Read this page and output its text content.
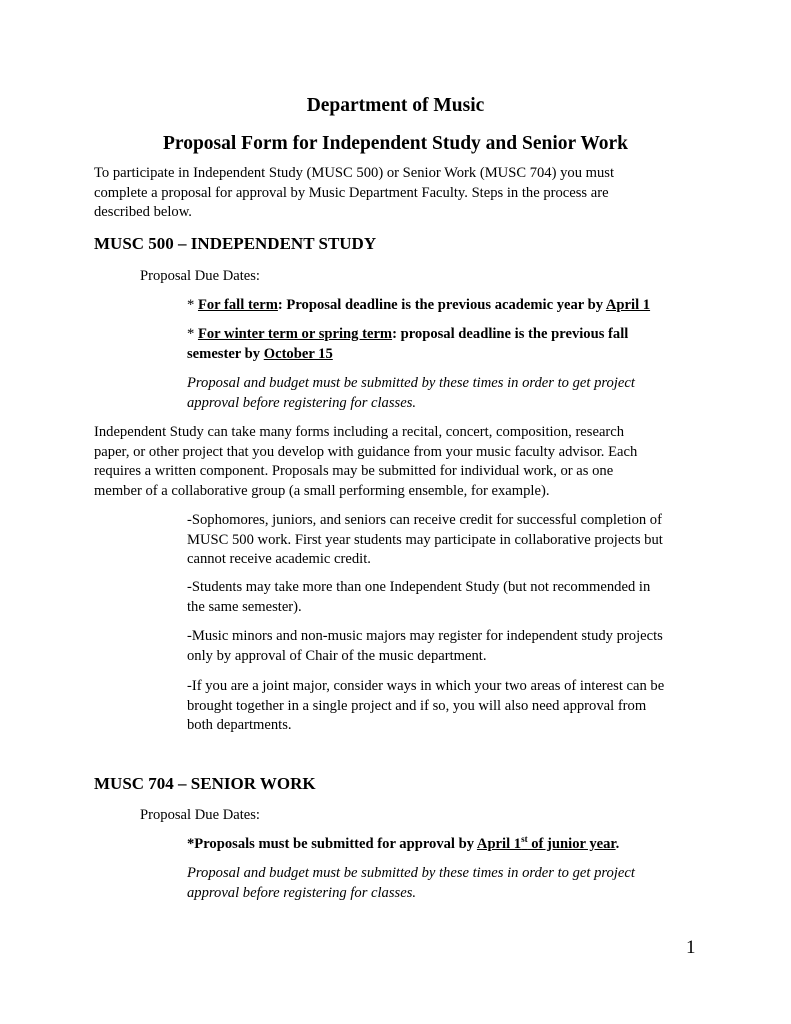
Department of Music
Proposal Form for Independent Study and Senior Work
To participate in Independent Study (MUSC 500) or Senior Work (MUSC 704) you must
complete a proposal for approval by Music Department Faculty. Steps in the process are
described below.
MUSC 500 – INDEPENDENT STUDY
Proposal Due Dates:
* For fall term: Proposal deadline is the previous academic year by April 1
* For winter term or spring term: proposal deadline is the previous fall
semester by October 15
Proposal and budget must be submitted by these times in order to get project
approval before registering for classes.
Independent Study can take many forms including a recital, concert, composition, research
paper, or other project that you develop with guidance from your music faculty advisor. Each
requires a written component. Proposals may be submitted for individual work, or as one
member of a collaborative group (a small performing ensemble, for example).
-Sophomores, juniors, and seniors can receive credit for successful completion of
MUSC 500 work. First year students may participate in collaborative projects but
cannot receive academic credit.
-Students may take more than one Independent Study (but not recommended in
the same semester).
-Music minors and non-music majors may register for independent study projects
only by approval of Chair of the music department.
-If you are a joint major, consider ways in which your two areas of interest can be
brought together in a single project and if so, you will also need approval from
both departments.
MUSC 704 – SENIOR WORK
Proposal Due Dates:
*Proposals must be submitted for approval by April 1st of junior year.
Proposal and budget must be submitted by these times in order to get project
approval before registering for classes.
1
